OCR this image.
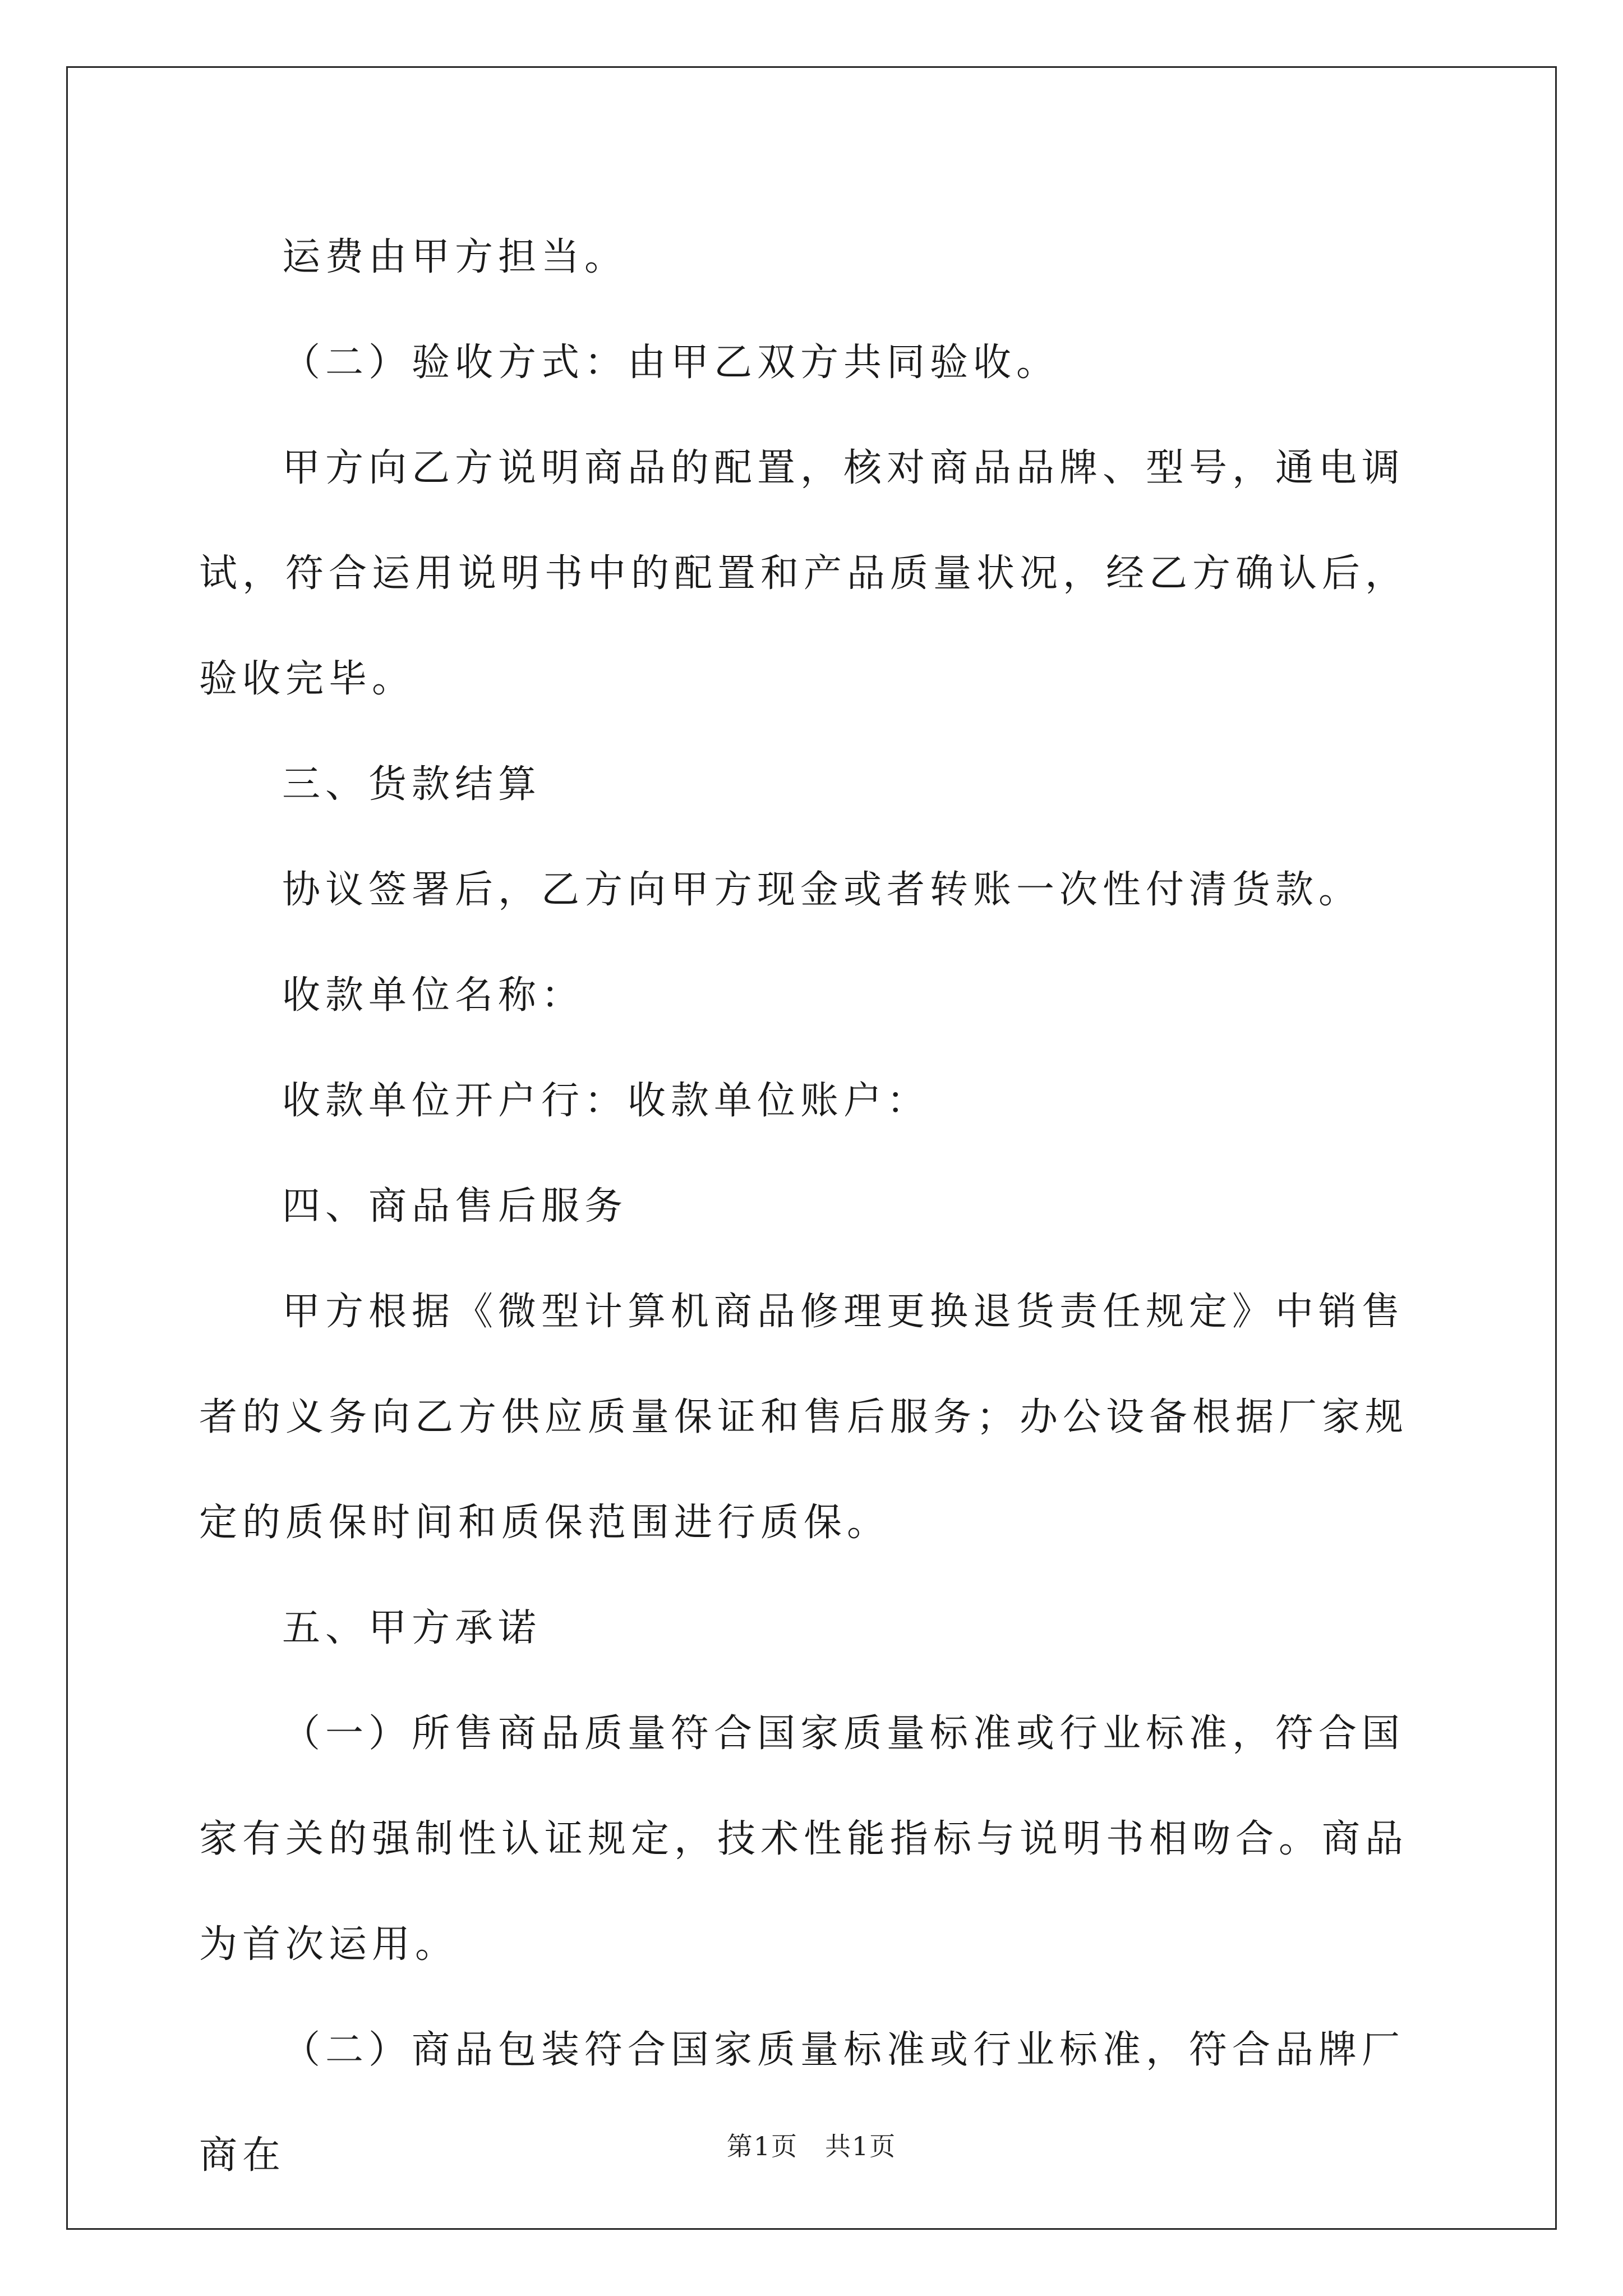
运费由甲方担当。

（二）验收方式：由甲乙双方共同验收。

甲方向乙方说明商品的配置，核对商品品牌、型号，通电调试，符合运用说明书中的配置和产品质量状况，经乙方确认后，验收完毕。

三、货款结算

协议签署后，乙方向甲方现金或者转账一次性付清货款。

收款单位名称：

收款单位开户行：收款单位账户：

四、商品售后服务

甲方根据《微型计算机商品修理更换退货责任规定》中销售者的义务向乙方供应质量保证和售后服务；办公设备根据厂家规定的质保时间和质保范围进行质保。

五、甲方承诺

（一）所售商品质量符合国家质量标准或行业标准，符合国家有关的强制性认证规定，技术性能指标与说明书相吻合。商品为首次运用。

（二）商品包装符合国家质量标准或行业标准，符合品牌厂商在	第1页　共1页
